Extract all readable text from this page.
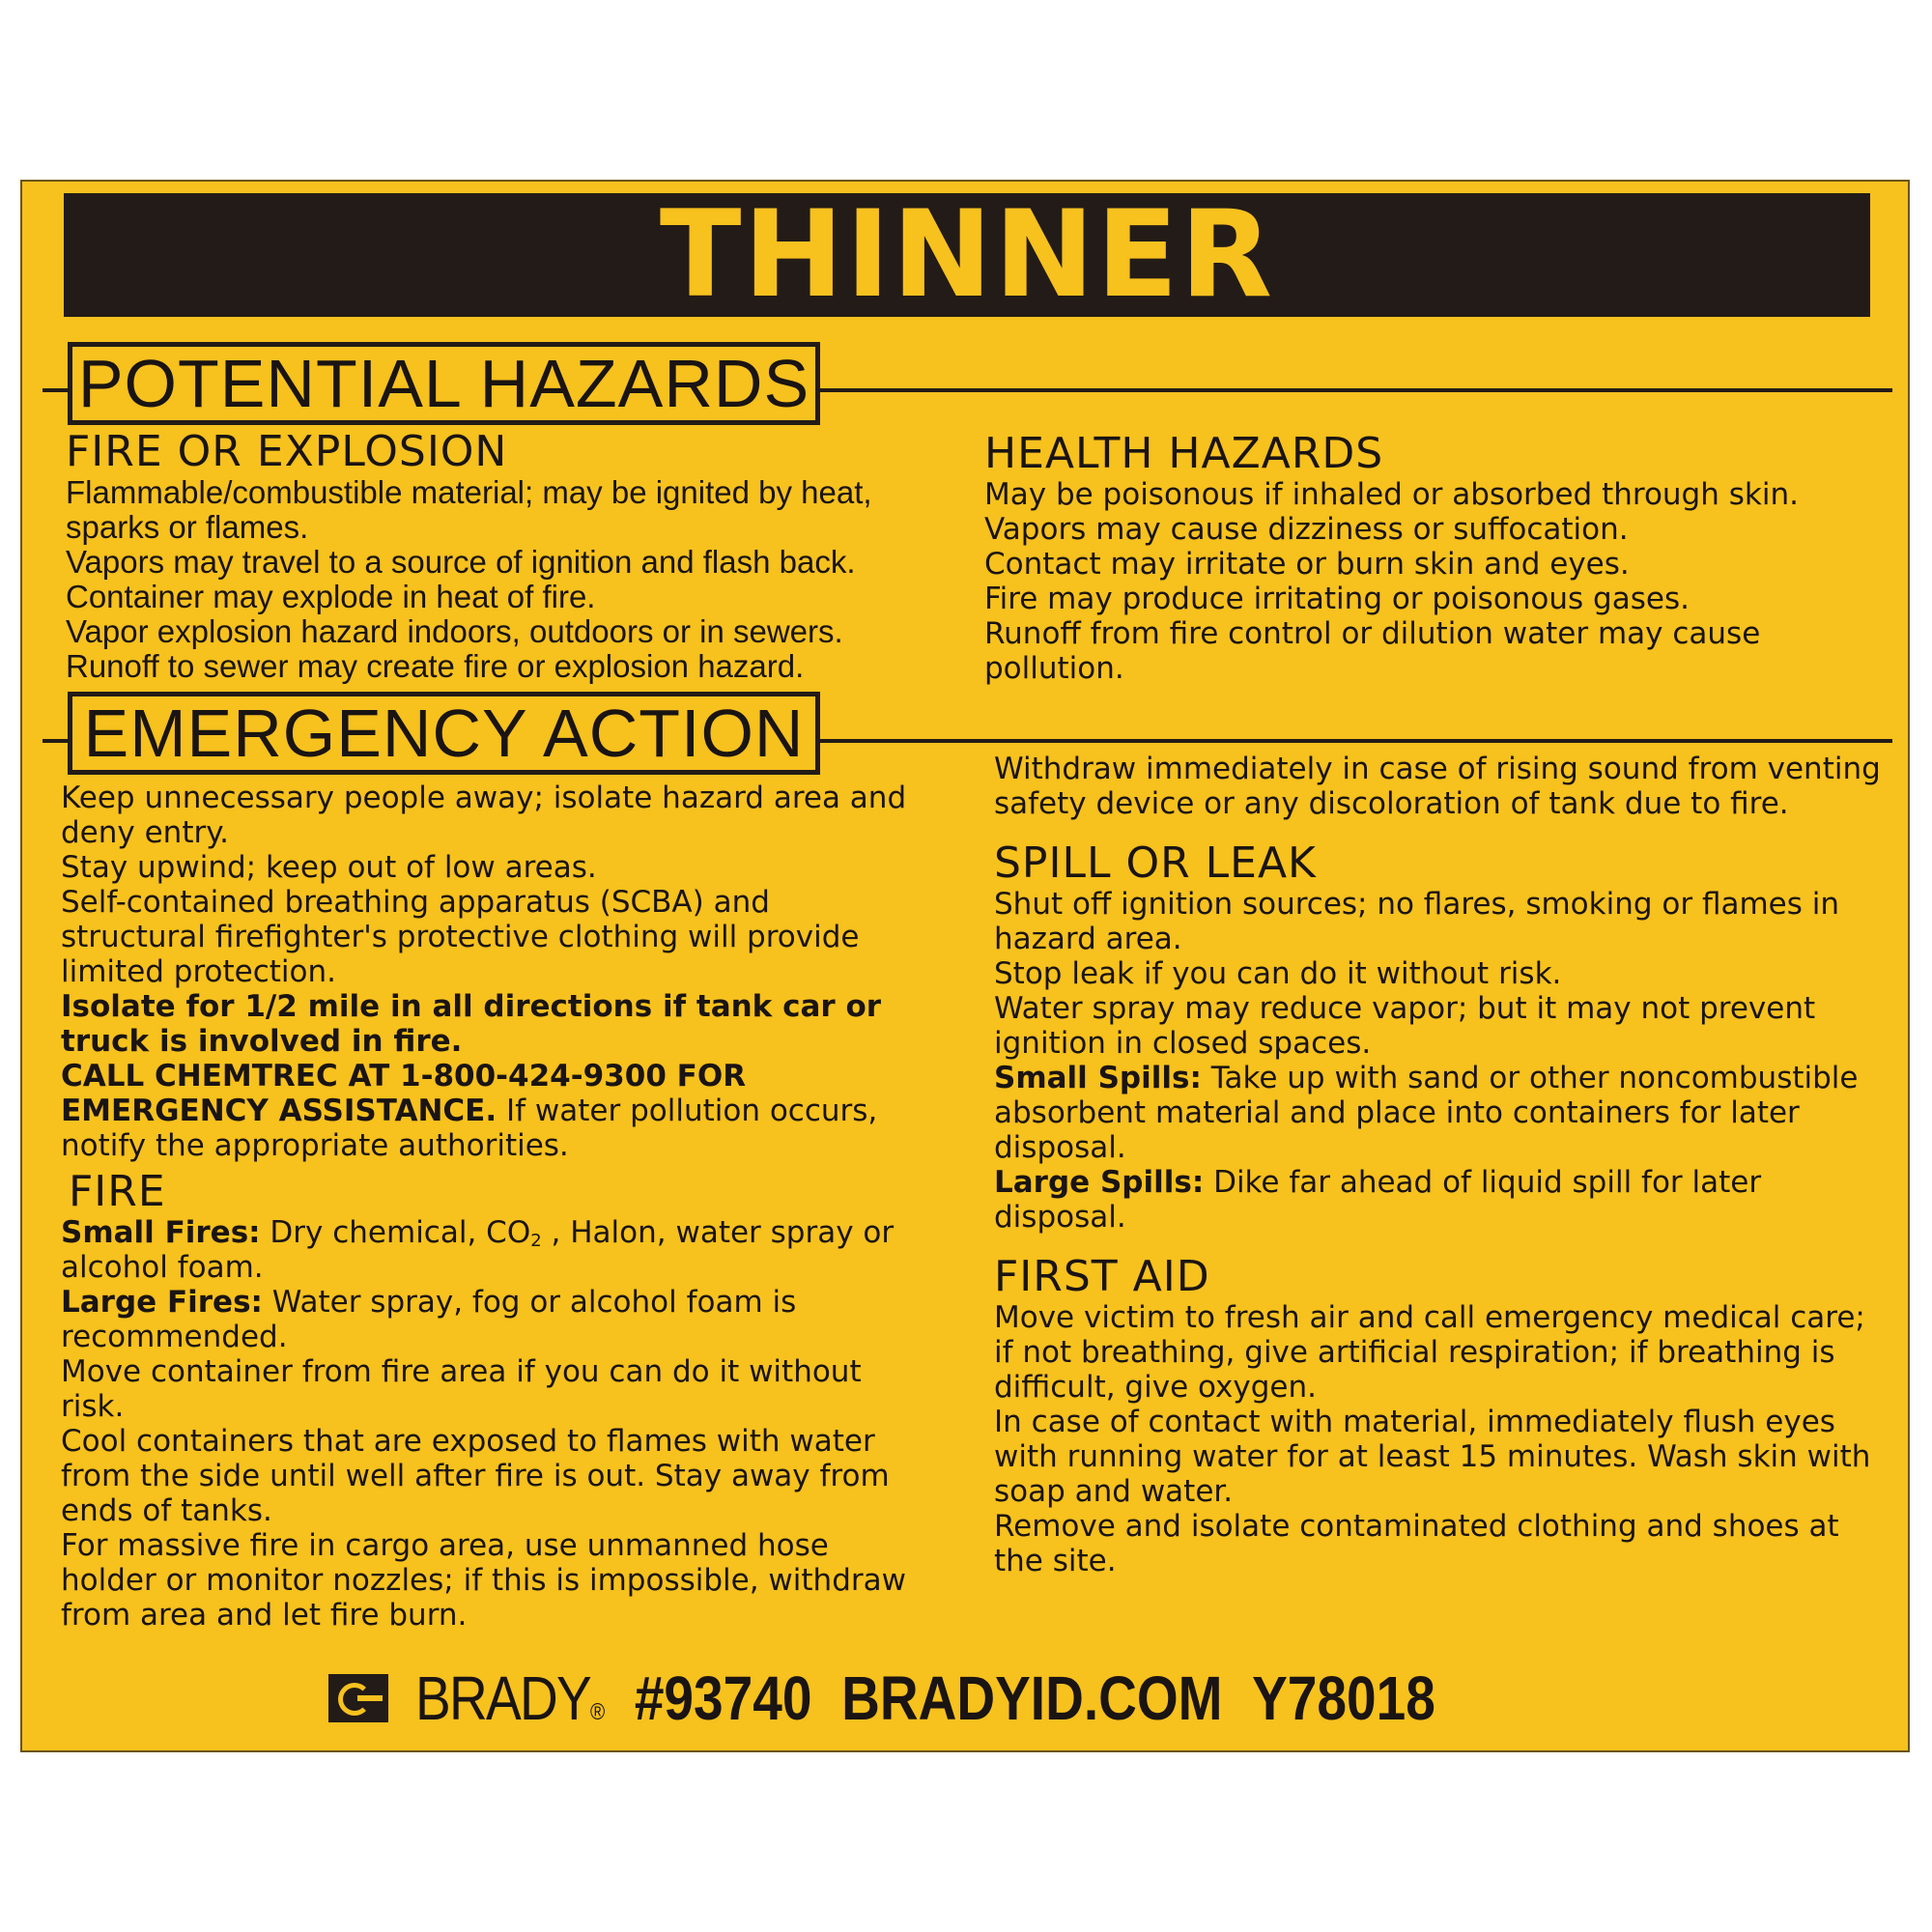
THINNER
POTENTIAL HAZARDS
FIRE OR EXPLOSION
Flammable/combustible material; may be ignited by heat, sparks or flames.
Vapors may travel to a source of ignition and flash back.
Container may explode in heat of fire.
Vapor explosion hazard indoors, outdoors or in sewers.
Runoff to sewer may create fire or explosion hazard.
HEALTH HAZARDS
May be poisonous if inhaled or absorbed through skin.
Vapors may cause dizziness or suffocation.
Contact may irritate or burn skin and eyes.
Fire may produce irritating or poisonous gases.
Runoff from fire control or dilution water may cause pollution.
EMERGENCY ACTION
Keep unnecessary people away; isolate hazard area and deny entry.
Stay upwind; keep out of low areas.
Self-contained breathing apparatus (SCBA) and structural firefighter's protective clothing will provide limited protection.
Isolate for 1/2 mile in all directions if tank car or truck is involved in fire.
CALL CHEMTREC AT 1-800-424-9300 FOR EMERGENCY ASSISTANCE. If water pollution occurs, notify the appropriate authorities.
FIRE
Small Fires: Dry chemical, $CO_2$ , Halon, water spray or alcohol foam.
Large Fires: Water spray, fog or alcohol foam is recommended.
Move container from fire area if you can do it without risk.
Cool containers that are exposed to flames with water from the side until well after fire is out. Stay away from ends of tanks.
For massive fire in cargo area, use unmanned hose holder or monitor nozzles; if this is impossible, withdraw from area and let fire burn.
Withdraw immediately in case of rising sound from venting safety device or any discoloration of tank due to fire.
SPILL OR LEAK
Shut off ignition sources; no flares, smoking or flames in hazard area.
Stop leak if you can do it without risk.
Water spray may reduce vapor; but it may not prevent ignition in closed spaces.
Small Spills: Take up with sand or other noncombustible absorbent material and place into containers for later disposal.
Large Spills: Dike far ahead of liquid spill for later disposal.
FIRST AID
Move victim to fresh air and call emergency medical care; if not breathing, give artificial respiration; if breathing is difficult, give oxygen.
In case of contact with material, immediately flush eyes with running water for at least 15 minutes. Wash skin with soap and water.
Remove and isolate contaminated clothing and shoes at the site.
BRADY® #93740 BRADYID.COM Y78018
